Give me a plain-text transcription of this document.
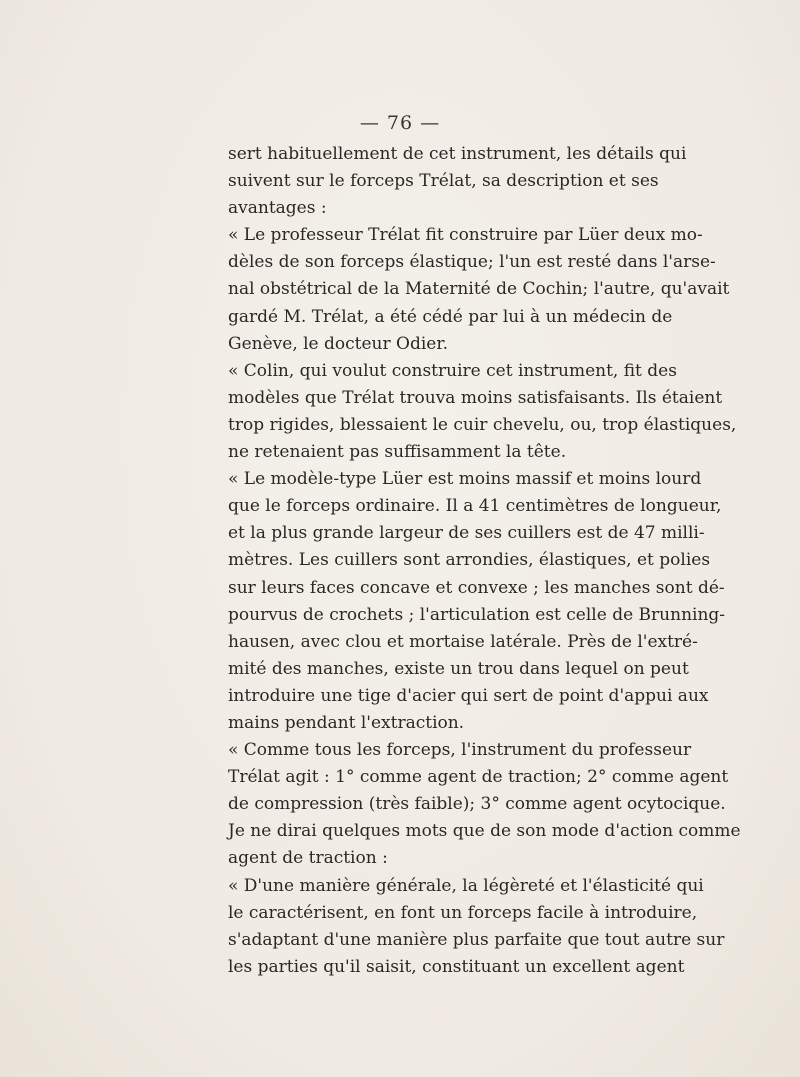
— 76 —
sert habituellement de cet instrument, les détails qui
suivent sur le forceps Trélat, sa description et ses
avantages :
« Le professeur Trélat fit construire par Lüer deux mo-
dèles de son forceps élastique; l'un est resté dans l'arse-
nal obstétrical de la Maternité de Cochin; l'autre, qu'avait
gardé M. Trélat, a été cédé par lui à un médecin de
Genève, le docteur Odier.
« Colin, qui voulut construire cet instrument, fit des
modèles que Trélat trouva moins satisfaisants. Ils étaient
trop rigides, blessaient le cuir chevelu, ou, trop élastiques,
ne retenaient pas suffisamment la tête.
« Le modèle-type Lüer est moins massif et moins lourd
que le forceps ordinaire. Il a 41 centimètres de longueur,
et la plus grande largeur de ses cuillers est de 47 milli-
mètres. Les cuillers sont arrondies, élastiques, et polies
sur leurs faces concave et convexe ; les manches sont dé-
pourvus de crochets ; l'articulation est celle de Brunning-
hausen, avec clou et mortaise latérale. Près de l'extré-
mité des manches, existe un trou dans lequel on peut
introduire une tige d'acier qui sert de point d'appui aux
mains pendant l'extraction.
« Comme tous les forceps, l'instrument du professeur
Trélat agit : 1° comme agent de traction; 2° comme agent
de compression (très faible); 3° comme agent ocytocique.
Je ne dirai quelques mots que de son mode d'action comme
agent de traction :
« D'une manière générale, la légèreté et l'élasticité qui
le caractérisent, en font un forceps facile à introduire,
s'adaptant d'une manière plus parfaite que tout autre sur
les parties qu'il saisit, constituant un excellent agent
